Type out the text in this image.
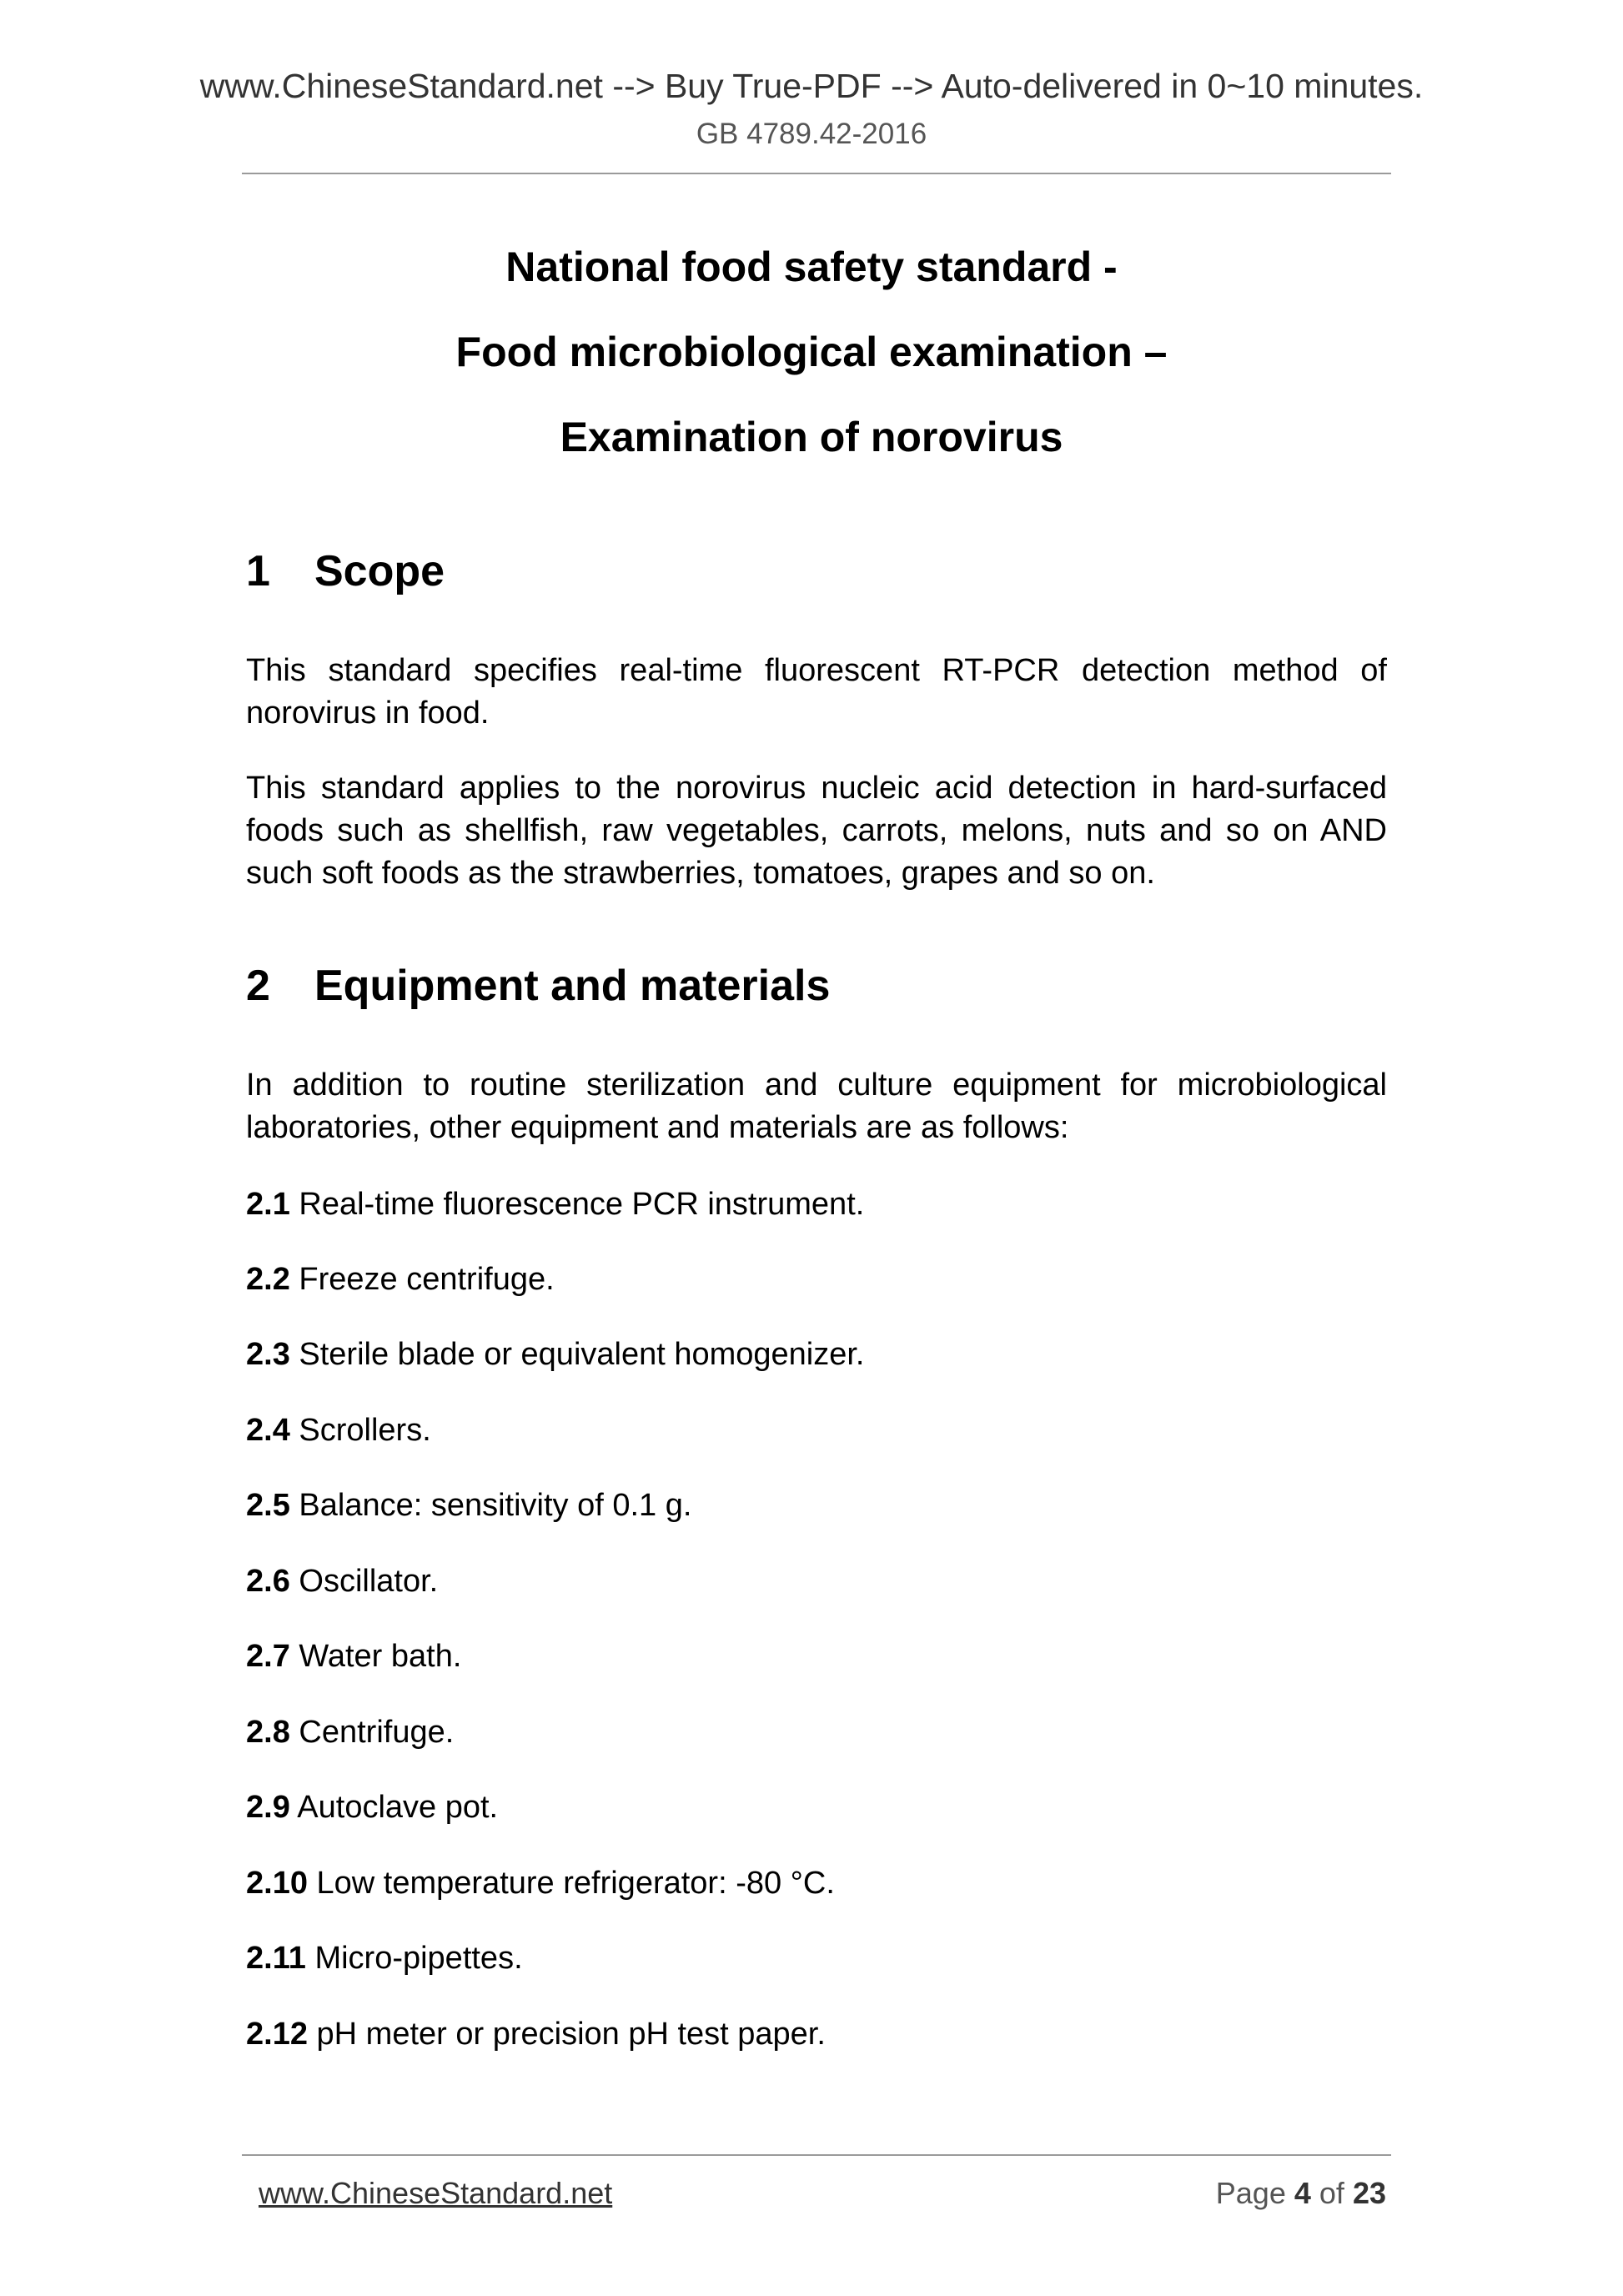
www.ChineseStandard.net --> Buy True-PDF --> Auto-delivered in 0~10 minutes.
GB 4789.42-2016
National food safety standard -
Food microbiological examination –
Examination of norovirus
1 Scope
This standard specifies real-time fluorescent RT-PCR detection method of norovirus in food.
This standard applies to the norovirus nucleic acid detection in hard-surfaced foods such as shellfish, raw vegetables, carrots, melons, nuts and so on AND such soft foods as the strawberries, tomatoes, grapes and so on.
2 Equipment and materials
In addition to routine sterilization and culture equipment for microbiological laboratories, other equipment and materials are as follows:
2.1 Real-time fluorescence PCR instrument.
2.2 Freeze centrifuge.
2.3 Sterile blade or equivalent homogenizer.
2.4 Scrollers.
2.5 Balance: sensitivity of 0.1 g.
2.6 Oscillator.
2.7 Water bath.
2.8 Centrifuge.
2.9 Autoclave pot.
2.10 Low temperature refrigerator: -80 °C.
2.11 Micro-pipettes.
2.12 pH meter or precision pH test paper.
www.ChineseStandard.net	Page 4 of 23
